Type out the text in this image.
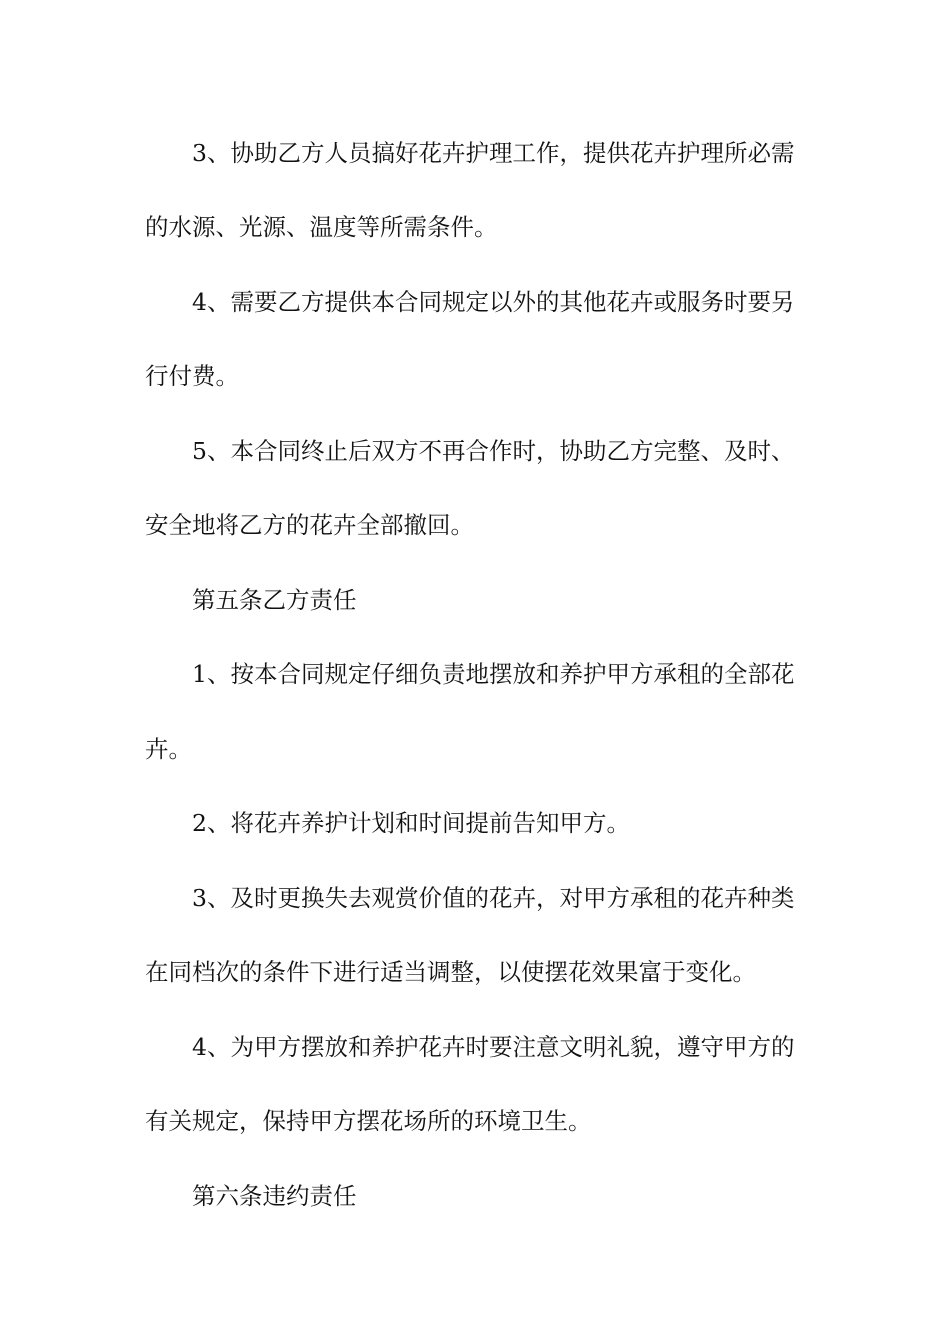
3、协助乙方人员搞好花卉护理工作，提供花卉护理所必需
的水源、光源、温度等所需条件。
4、需要乙方提供本合同规定以外的其他花卉或服务时要另
行付费。
5、本合同终止后双方不再合作时，协助乙方完整、及时、
安全地将乙方的花卉全部撤回。
第五条乙方责任
1、按本合同规定仔细负责地摆放和养护甲方承租的全部花
卉。
2、将花卉养护计划和时间提前告知甲方。
3、及时更换失去观赏价值的花卉，对甲方承租的花卉种类
在同档次的条件下进行适当调整，以使摆花效果富于变化。
4、为甲方摆放和养护花卉时要注意文明礼貌，遵守甲方的
有关规定，保持甲方摆花场所的环境卫生。
第六条违约责任
